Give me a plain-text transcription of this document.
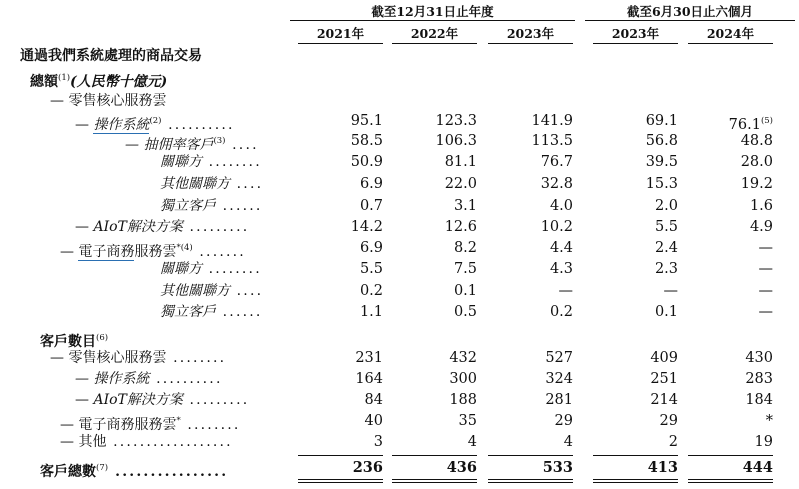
截至12月31日止年度	截至6月30日止六個月
2021年	2022年	2023年	2023年	2024年
通過我們系統處理的商品交易
總額$^{(1)}$(人民幣十億元)
— 零售核心服務雲
— 操作系統$^{(2)}$ ..........	95.1	123.3	141.9	69.1	76.1$^{(5)}$
— 抽佣率客戶$^{(3)}$ ....	58.5	106.3	113.5	56.8	48.8
關聯方 ........	50.9	81.1	76.7	39.5	28.0
其他關聯方 ....	6.9	22.0	32.8	15.3	19.2
獨立客戶 ......	0.7	3.1	4.0	2.0	1.6
— AIoT解決方案 .........	14.2	12.6	10.2	5.5	4.9
— 電子商務服務雲$^{*(4)}$ .......	6.9	8.2	4.4	2.4	—
關聯方 ........	5.5	7.5	4.3	2.3	—
其他關聯方 ....	0.2	0.1	—	—	—
獨立客戶 ......	1.1	0.5	0.2	0.1	—
客戶數目$^{(6)}$
— 零售核心服務雲 ........	231	432	527	409	430
— 操作系統 ..........	164	300	324	251	283
— AIoT解決方案 .........	84	188	281	214	184
— 電子商務服務雲* ........	40	35	29	29	*
— 其他 ..................	3	4	4	2	19
客戶總數$^{(7)}$ ................	236	436	533	413	444
